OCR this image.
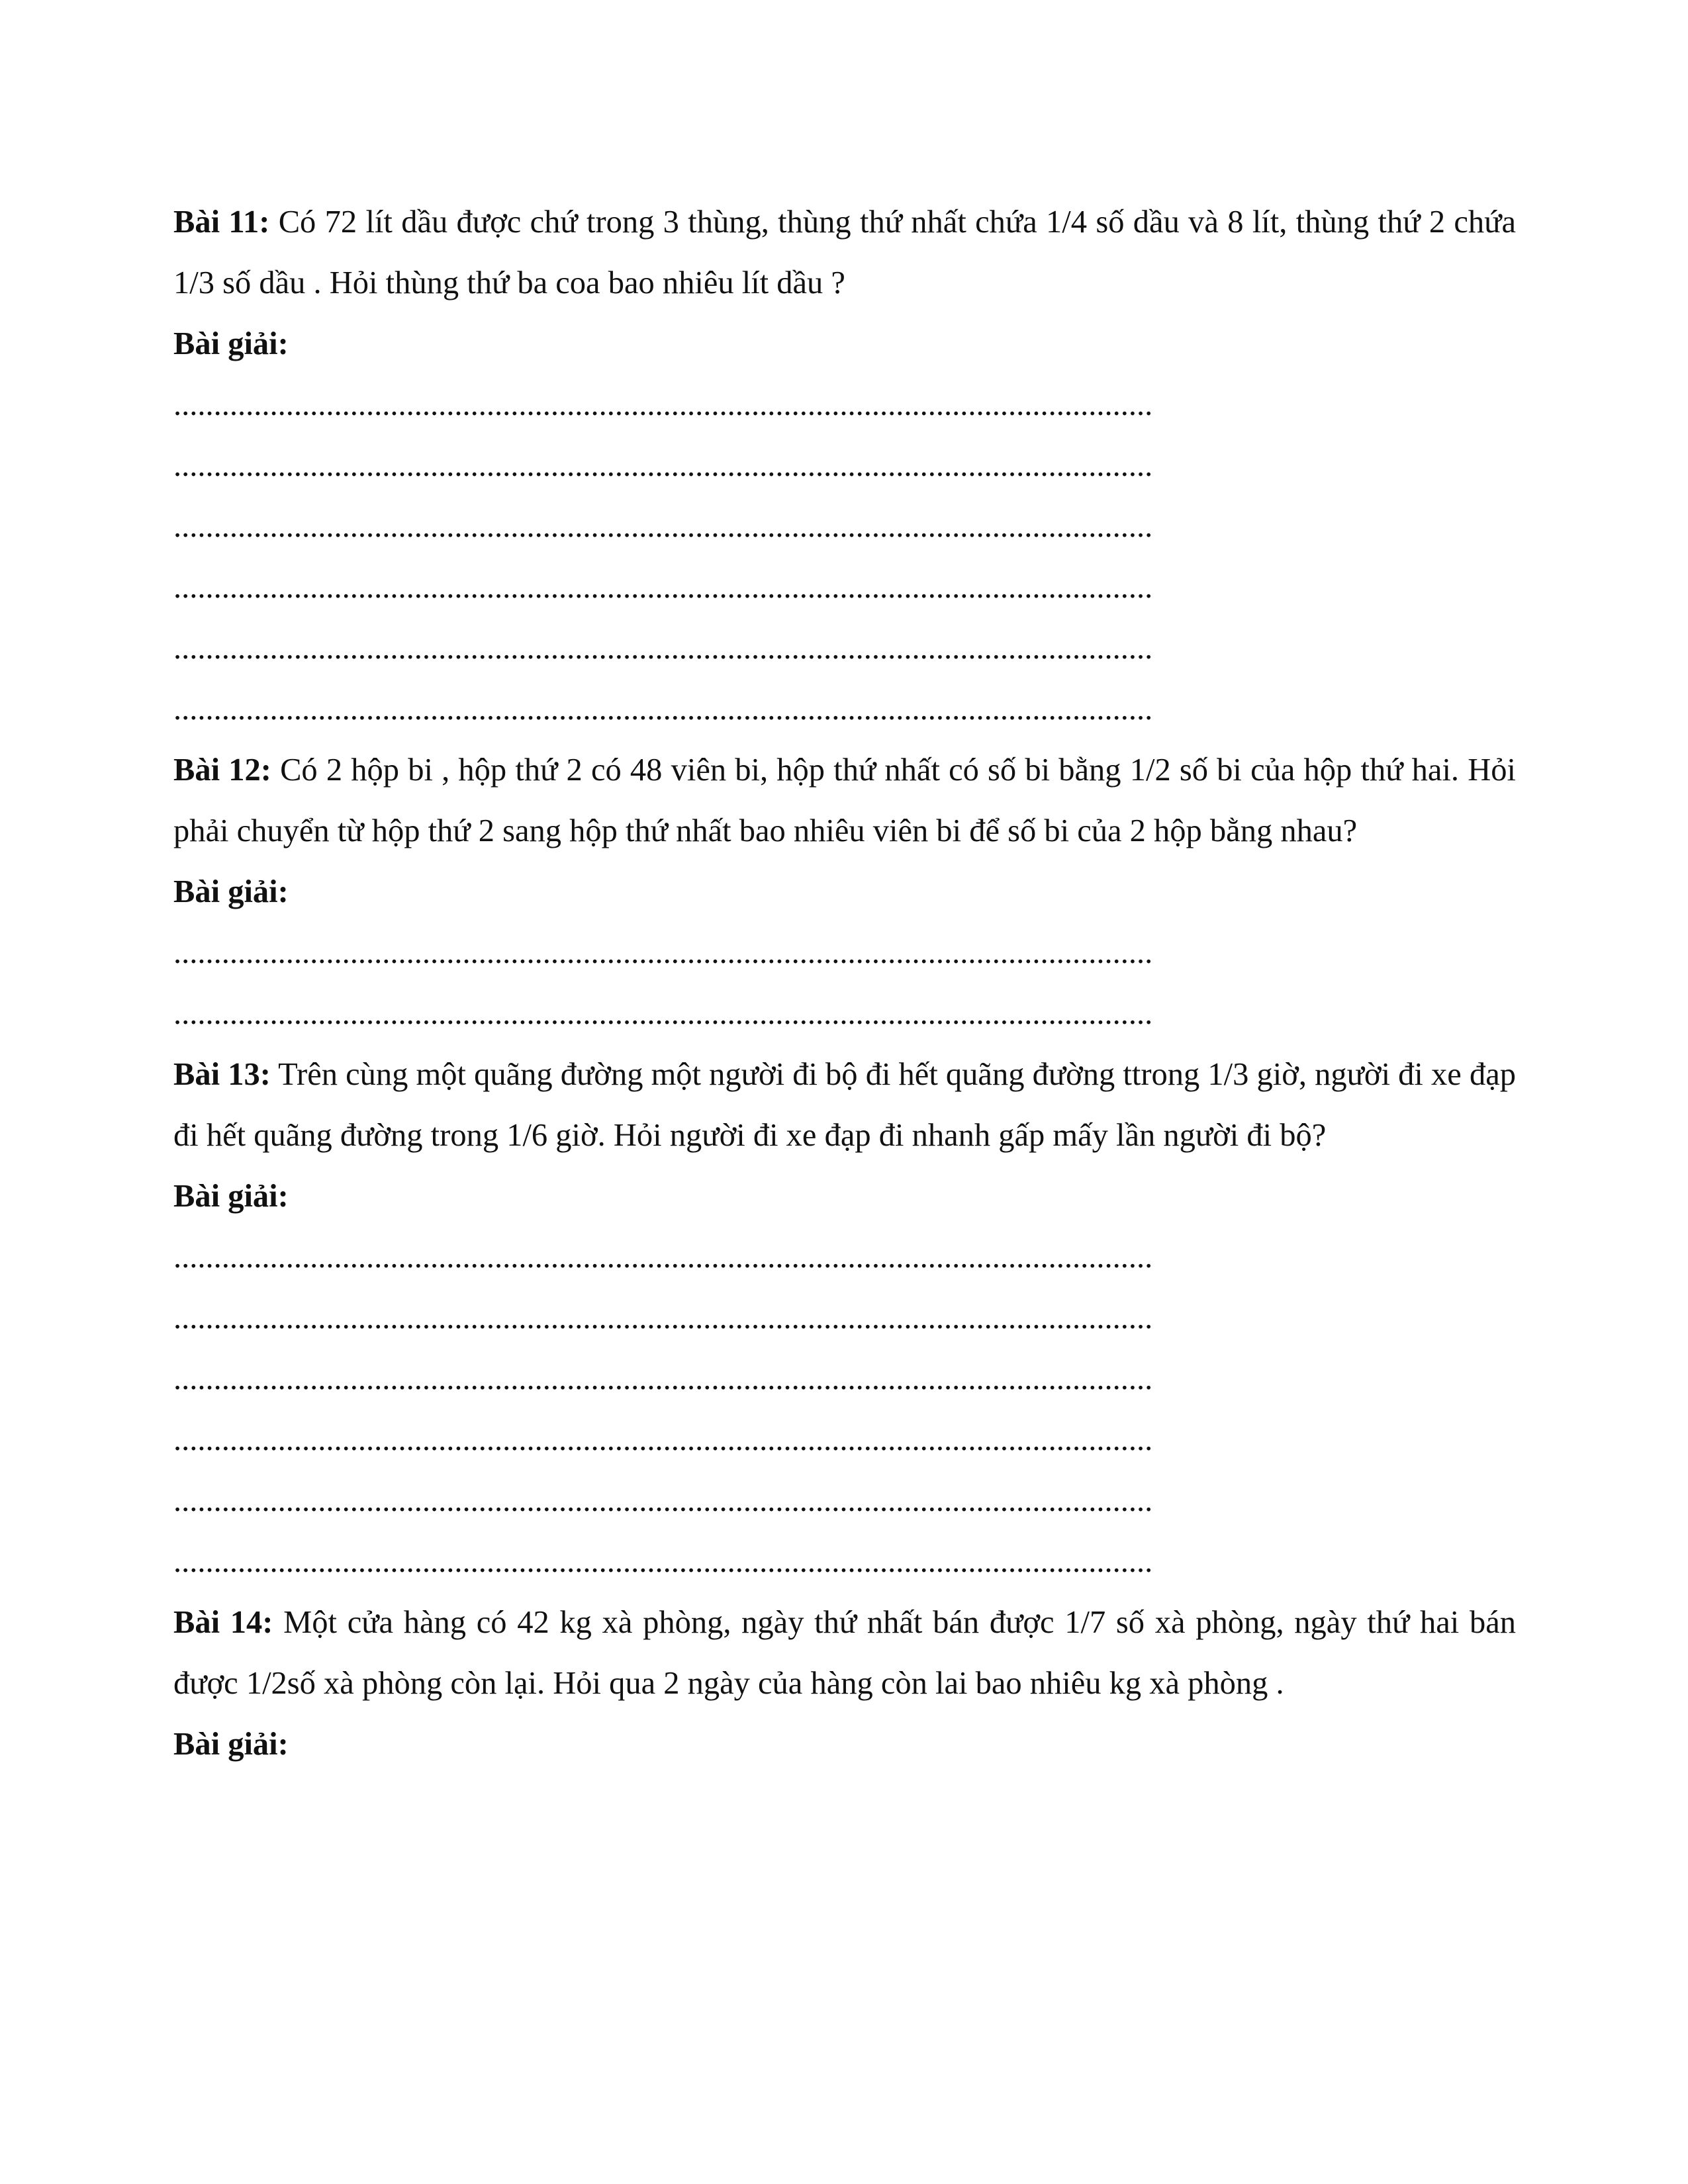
Bài 11: Có 72 lít dầu được chứ trong 3 thùng, thùng thứ nhất chứa 1/4 số dầu và 8 lít, thùng thứ 2 chứa 1/3 số dầu . Hỏi thùng thứ ba coa bao nhiêu lít dầu ?

Bài giải:

..........................................................................................................................

..........................................................................................................................

..........................................................................................................................

..........................................................................................................................

..........................................................................................................................

..........................................................................................................................

Bài 12: Có 2 hộp bi , hộp thứ 2 có 48 viên bi, hộp thứ nhất có số bi bằng 1/2 số bi của hộp thứ hai. Hỏi phải chuyển từ hộp thứ 2 sang hộp thứ nhất bao nhiêu viên bi để số bi của 2 hộp bằng nhau?

Bài giải:

..........................................................................................................................

..........................................................................................................................

Bài 13: Trên cùng một quãng đường một người đi bộ đi hết quãng đường ttrong 1/3 giờ, người đi xe đạp đi hết quãng đường trong 1/6 giờ. Hỏi người đi xe đạp đi nhanh gấp mấy lần người đi bộ?

Bài giải:

..........................................................................................................................

..........................................................................................................................

..........................................................................................................................

..........................................................................................................................

..........................................................................................................................

..........................................................................................................................

Bài 14: Một cửa hàng có 42 kg xà phòng, ngày thứ nhất bán được 1/7 số xà phòng, ngày thứ hai bán được 1/2số xà phòng còn lại. Hỏi qua 2 ngày của hàng còn lai bao nhiêu kg xà phòng .

Bài giải:
